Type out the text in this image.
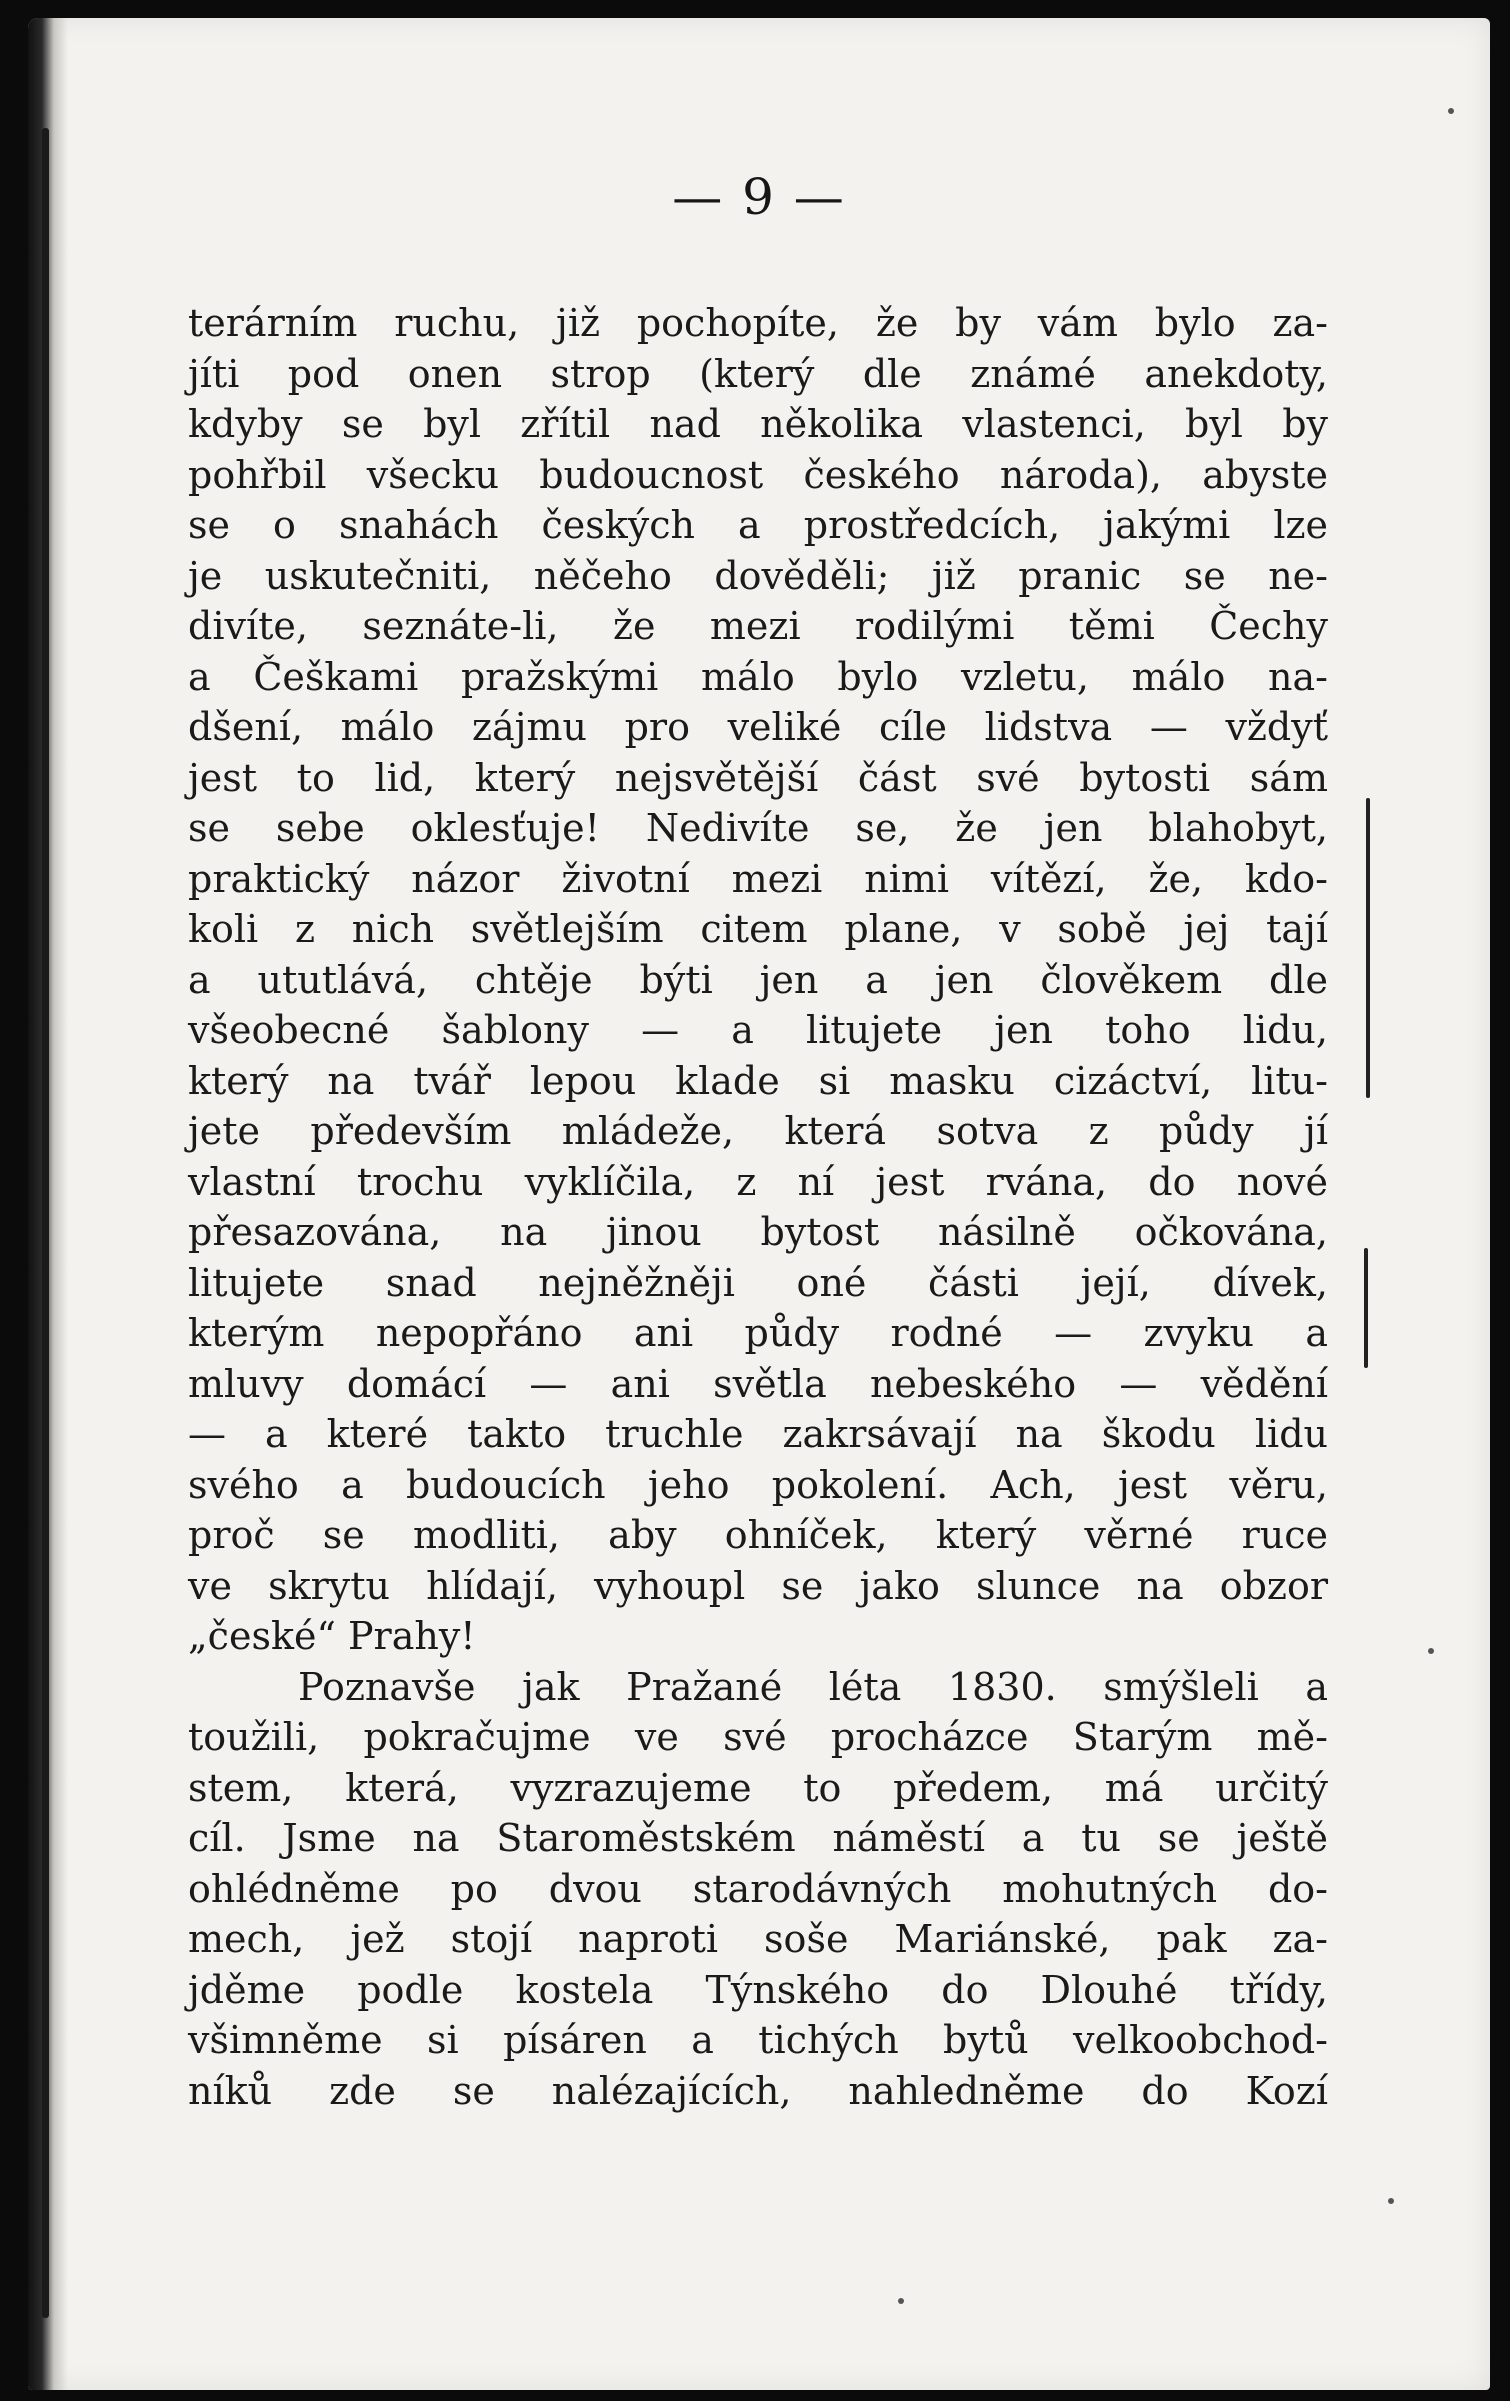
— 9 —
terárním ruchu, již pochopíte, že by vám bylo za-
jíti pod onen strop (který dle známé anekdoty,
kdyby se byl zřítil nad několika vlastenci, byl by
pohřbil všecku budoucnost českého národa), abyste
se o snahách českých a prostředcích, jakými lze
je uskutečniti, něčeho dověděli; již pranic se ne-
divíte, seznáte-li, že mezi rodilými těmi Čechy
a Češkami pražskými málo bylo vzletu, málo na-
dšení, málo zájmu pro veliké cíle lidstva — vždyť
jest to lid, který nejsvětější část své bytosti sám
se sebe oklesťuje! Nedivíte se, že jen blahobyt,
praktický názor životní mezi nimi vítězí, že, kdo-
koli z nich světlejším citem plane, v sobě jej tají
a ututlává, chtěje býti jen a jen člověkem dle
všeobecné šablony — a litujete jen toho lidu,
který na tvář lepou klade si masku cizáctví, litu-
jete především mládeže, která sotva z půdy jí
vlastní trochu vyklíčila, z ní jest rvána, do nové
přesazována, na jinou bytost násilně očkována,
litujete snad nejněžněji oné části její, dívek,
kterým nepopřáno ani půdy rodné — zvyku a
mluvy domácí — ani světla nebeského — vědění
— a které takto truchle zakrsávají na škodu lidu
svého a budoucích jeho pokolení. Ach, jest věru,
proč se modliti, aby ohníček, který věrné ruce
ve skrytu hlídají, vyhoupl se jako slunce na obzor
„české“ Prahy!
Poznavše jak Pražané léta 1830. smýšleli a
toužili, pokračujme ve své procházce Starým mě-
stem, která, vyzrazujeme to předem, má určitý
cíl. Jsme na Staroměstském náměstí a tu se ještě
ohlédněme po dvou starodávných mohutných do-
mech, jež stojí naproti soše Mariánské, pak za-
jděme podle kostela Týnského do Dlouhé třídy,
všimněme si písáren a tichých bytů velkoobchod-
níků zde se nalézajících, nahledněme do Kozí
